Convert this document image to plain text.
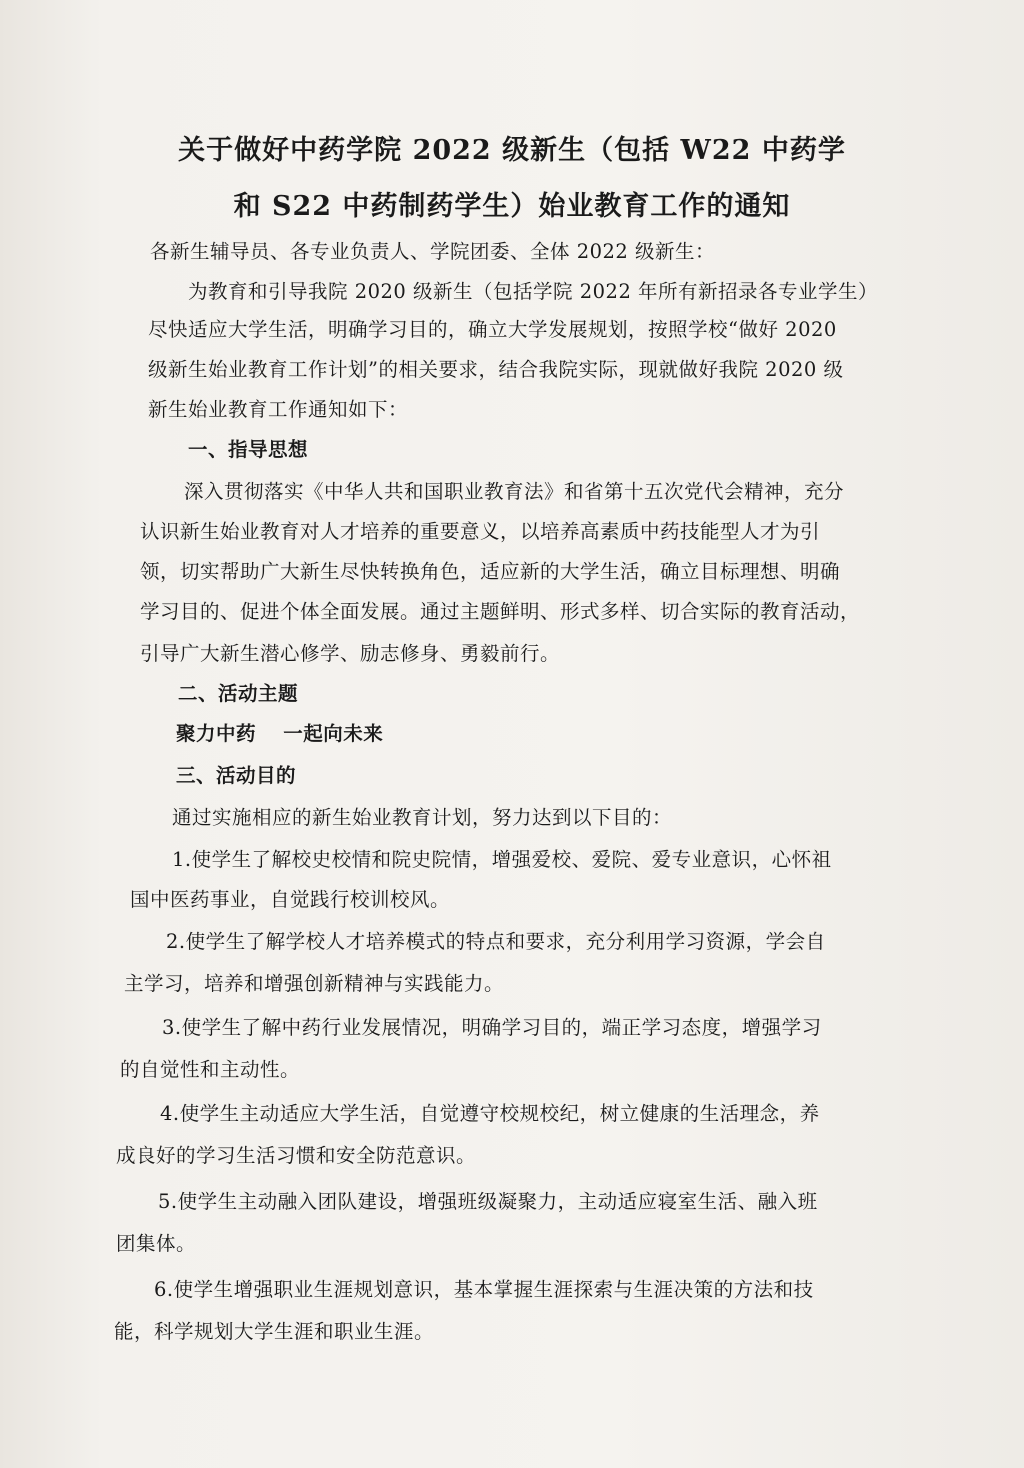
关于做好中药学院 2022 级新生（包括 W22 中药学
和 S22 中药制药学生）始业教育工作的通知

各新生辅导员、各专业负责人、学院团委、全体 2022 级新生：

为教育和引导我院 2020 级新生（包括学院 2022 年所有新招录各专业学生）

尽快适应大学生活，明确学习目的，确立大学发展规划，按照学校“做好 2020

级新生始业教育工作计划”的相关要求，结合我院实际，现就做好我院 2020 级

新生始业教育工作通知如下：

一、指导思想

深入贯彻落实《中华人共和国职业教育法》和省第十五次党代会精神，充分

认识新生始业教育对人才培养的重要意义，以培养高素质中药技能型人才为引

领，切实帮助广大新生尽快转换角色，适应新的大学生活，确立目标理想、明确

学习目的、促进个体全面发展。通过主题鲜明、形式多样、切合实际的教育活动，

引导广大新生潜心修学、励志修身、勇毅前行。

二、活动主题

聚力中药　 一起向未来

三、活动目的

通过实施相应的新生始业教育计划，努力达到以下目的：

1.使学生了解校史校情和院史院情，增强爱校、爱院、爱专业意识，心怀祖

国中医药事业，自觉践行校训校风。

2.使学生了解学校人才培养模式的特点和要求，充分利用学习资源，学会自

主学习，培养和增强创新精神与实践能力。

3.使学生了解中药行业发展情况，明确学习目的，端正学习态度，增强学习

的自觉性和主动性。

4.使学生主动适应大学生活，自觉遵守校规校纪，树立健康的生活理念，养

成良好的学习生活习惯和安全防范意识。

5.使学生主动融入团队建设，增强班级凝聚力，主动适应寝室生活、融入班

团集体。

6.使学生增强职业生涯规划意识，基本掌握生涯探索与生涯决策的方法和技

能，科学规划大学生涯和职业生涯。
